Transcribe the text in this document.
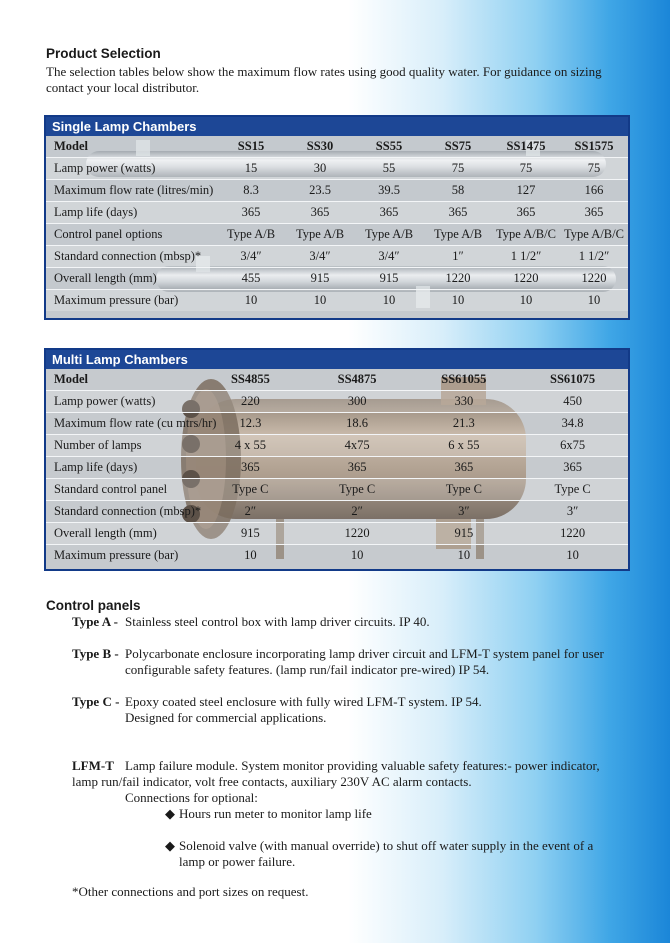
Product Selection
The selection tables below show the maximum flow rates using good quality water. For guidance on sizing contact your local distributor.
Single Lamp Chambers
Model	SS15	SS30	SS55	SS75	SS1475	SS1575
Lamp power (watts)	15	30	55	75	75	75
Maximum flow rate (litres/min)	8.3	23.5	39.5	58	127	166
Lamp life (days)	365	365	365	365	365	365
Control panel options	Type A/B	Type A/B	Type A/B	Type A/B	Type A/B/C	Type A/B/C
Standard connection (mbsp)*	3/4″	3/4″	3/4″	1″	1 1/2″	1 1/2″
Overall length (mm)	455	915	915	1220	1220	1220
Maximum pressure (bar)	10	10	10	10	10	10
Multi Lamp Chambers
Model	SS4855	SS4875	SS61055	SS61075
Lamp power (watts)	220	300	330	450
Maximum flow rate (cu mtrs/hr)	12.3	18.6	21.3	34.8
Number of lamps	4 x 55	4x75	6 x 55	6x75
Lamp life (days)	365	365	365	365
Standard control panel	Type C	Type C	Type C	Type C
Standard connection (mbsp)*	2″	2″	3″	3″
Overall length (mm)	915	1220	915	1220
Maximum pressure (bar)	10	10	10	10
Control panels
Type A - Stainless steel control box with lamp driver circuits. IP 40.
Type B - Polycarbonate enclosure incorporating lamp driver circuit and LFM-T system panel for user
configurable safety features. (lamp run/fail indicator pre-wired) IP 54.
Type C - Epoxy coated steel enclosure with fully wired LFM-T system. IP 54.
Designed for commercial applications.
LFM-T Lamp failure module. System monitor providing valuable safety features:- power indicator,
lamp run/fail indicator, volt free contacts, auxiliary 230V AC alarm contacts.
Connections for optional:
◆ Hours run meter to monitor lamp life
◆ Solenoid valve (with manual override) to shut off water supply in the event of a
lamp or power failure.
*Other connections and port sizes on request.
